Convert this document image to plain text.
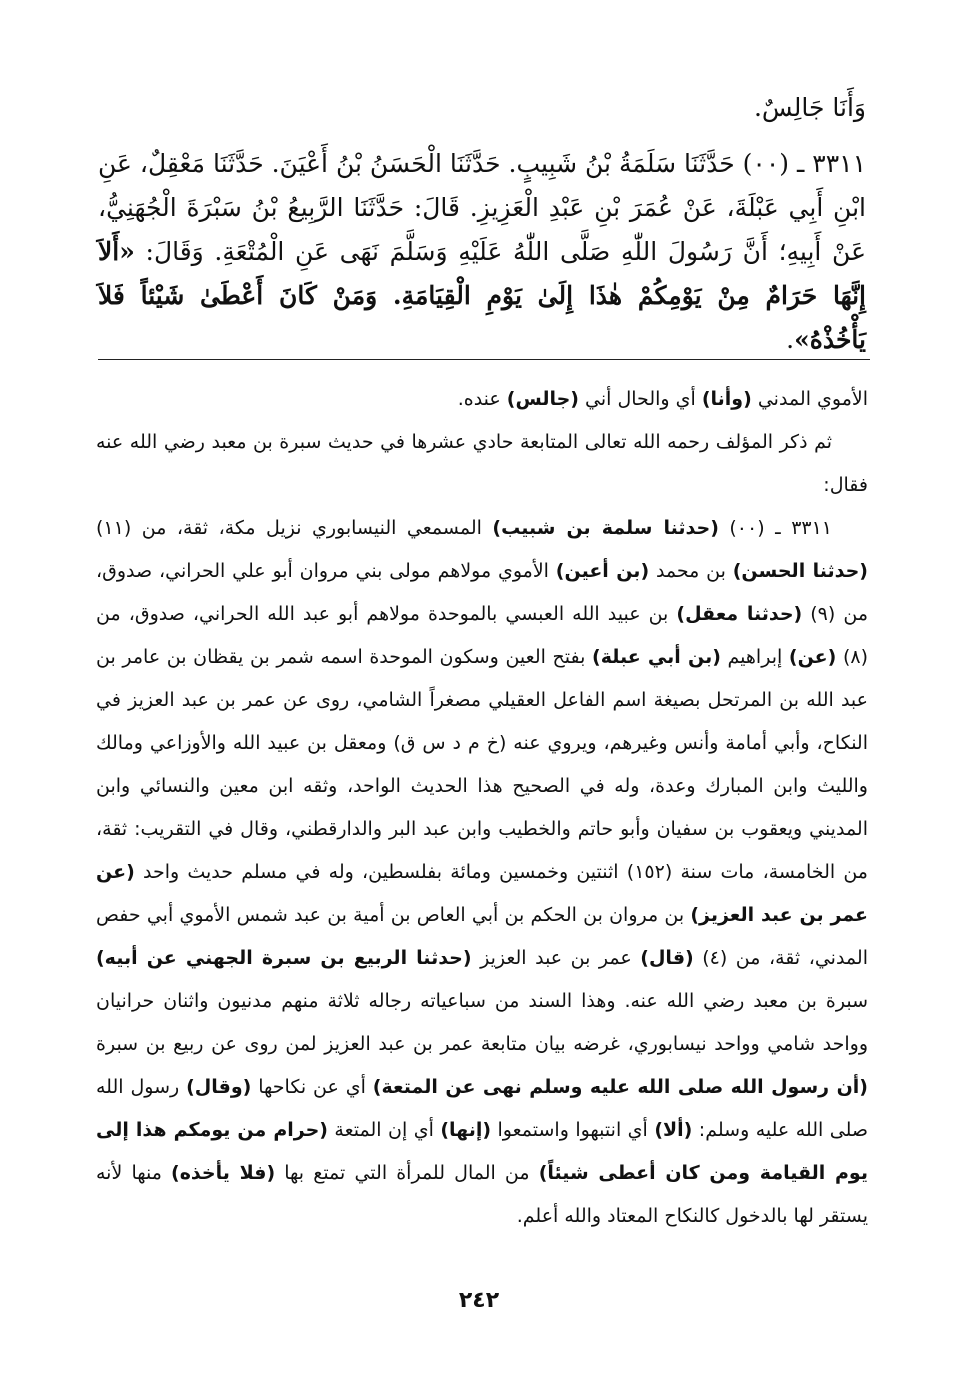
وَأَنَا جَالِسٌ.
٣٣١١ ـ (٠٠) حَدَّثَنَا سَلَمَةُ بْنُ شَبِيبٍ. حَدَّثَنَا الْحَسَنُ بْنُ أَعْيَنَ. حَدَّثَنَا مَعْقِلٌ، عَنِ ابْنِ أَبِي عَبْلَةَ، عَنْ عُمَرَ بْنِ عَبْدِ الْعَزِيزِ. قَالَ: حَدَّثَنَا الرَّبِيعُ بْنُ سَبْرَةَ الْجُهَنِيُّ، عَنْ أَبِيهِ؛ أَنَّ رَسُولَ اللّٰهِ صَلَّى اللّٰهُ عَلَيْهِ وَسَلَّمَ نَهَى عَنِ الْمُتْعَةِ. وَقَالَ: «أَلاَ إِنَّهَا حَرَامٌ مِنْ يَوْمِكُمْ هٰذَا إِلَىٰ يَوْمِ الْقِيَامَةِ. وَمَنْ كَانَ أَعْطَىٰ شَيْئاً فَلاَ يَأْخُذْهُ».

الأموي المدني (وأنا) أي والحال أني (جالس) عنده.

ثم ذكر المؤلف رحمه الله تعالى المتابعة حادي عشرها في حديث سبرة بن معبد رضي الله عنه فقال:

٣٣١١ ـ (٠٠) (حدثنا سلمة بن شبيب) المسمعي النيسابوري نزيل مكة، ثقة، من (١١) (حدثنا الحسن) بن محمد (بن أعين) الأموي مولاهم مولى بني مروان أبو علي الحراني، صدوق، من (٩) (حدثنا معقل) بن عبيد الله العبسي بالموحدة مولاهم أبو عبد الله الحراني، صدوق، من (٨) (عن) إبراهيم (بن أبي عبلة) بفتح العين وسكون الموحدة اسمه شمر بن يقظان بن عامر بن عبد الله بن المرتحل بصيغة اسم الفاعل العقيلي مصغراً الشامي، روى عن عمر بن عبد العزيز في النكاح، وأبي أمامة وأنس وغيرهم، ويروي عنه (خ م د س ق) ومعقل بن عبيد الله والأوزاعي ومالك والليث وابن المبارك وعدة، وله في الصحيح هذا الحديث الواحد، وثقه ابن معين والنسائي وابن المديني ويعقوب بن سفيان وأبو حاتم والخطيب وابن عبد البر والدارقطني، وقال في التقريب: ثقة، من الخامسة، مات سنة (١٥٢) اثنتين وخمسين ومائة بفلسطين، وله في مسلم حديث واحد (عن عمر بن عبد العزيز) بن مروان بن الحكم بن أبي العاص بن أمية بن عبد شمس الأموي أبي حفص المدني، ثقة، من (٤) (قال) عمر بن عبد العزيز (حدثنا الربيع بن سبرة الجهني عن أبيه) سبرة بن معبد رضي الله عنه. وهذا السند من سباعياته رجاله ثلاثة منهم مدنيون واثنان حرانيان وواحد شامي وواحد نيسابوري، غرضه بيان متابعة عمر بن عبد العزيز لمن روى عن ربيع بن سبرة (أن رسول الله صلى الله عليه وسلم نهى عن المتعة) أي عن نكاحها (وقال) رسول الله صلى الله عليه وسلم: (ألا) أي انتبهوا واستمعوا (إنها) أي إن المتعة (حرام من يومكم هذا إلى يوم القيامة ومن كان أعطى شيئاً) من المال للمرأة التي تمتع بها (فلا يأخذه) منها لأنه يستقر لها بالدخول كالنكاح المعتاد والله أعلم.

٢٤٢
